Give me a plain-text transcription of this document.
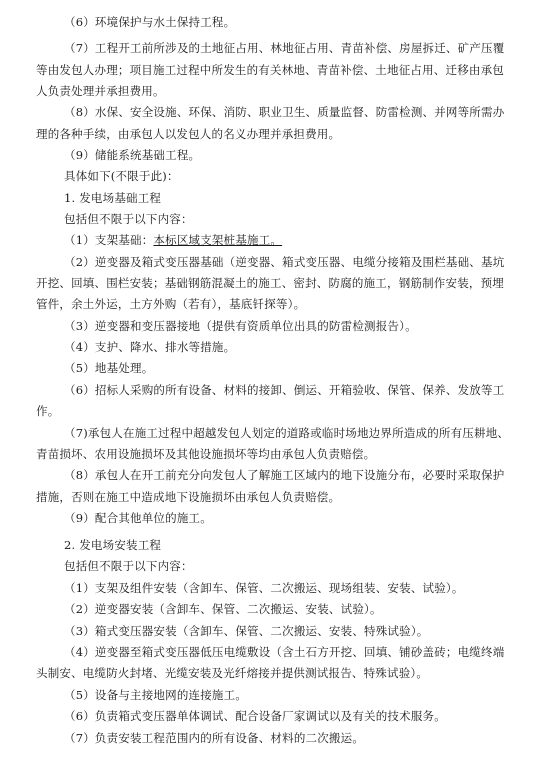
（6）环境保护与水土保持工程。
（7）工程开工前所涉及的土地征占用、林地征占用、青苗补偿、房屋拆迁、矿产压覆
等由发包人办理；项目施工过程中所发生的有关林地、青苗补偿、土地征占用、迁移由承包
人负责处理并承担费用。
（8）水保、安全设施、环保、消防、职业卫生、质量监督、防雷检测、并网等所需办
理的各种手续，由承包人以发包人的名义办理并承担费用。
（9）储能系统基础工程。
具体如下(不限于此)：
1. 发电场基础工程
包括但不限于以下内容：
（1）支架基础：本标区域支架桩基施工。
（2）逆变器及箱式变压器基础（逆变器、箱式变压器、电缆分接箱及围栏基础、基坑
开挖、回填、围栏安装；基础钢筋混凝土的施工、密封、防腐的施工，钢筋制作安装，预埋
管件，余土外运，土方外购（若有），基底钎探等）。
（3）逆变器和变压器接地（提供有资质单位出具的防雷检测报告）。
（4）支护、降水、排水等措施。
（5）地基处理。
（6）招标人采购的所有设备、材料的接卸、倒运、开箱验收、保管、保养、发放等工
作。
（7)承包人在施工过程中超越发包人划定的道路或临时场地边界所造成的所有压耕地、
青苗损坏、农用设施损坏及其他设施损坏等均由承包人负责赔偿。
（8）承包人在开工前充分向发包人了解施工区域内的地下设施分布，必要时采取保护
措施，否则在施工中造成地下设施损坏由承包人负责赔偿。
（9）配合其他单位的施工。
2. 发电场安装工程
包括但不限于以下内容：
（1）支架及组件安装（含卸车、保管、二次搬运、现场组装、安装、试验）。
（2）逆变器安装（含卸车、保管、二次搬运、安装、试验）。
（3）箱式变压器安装（含卸车、保管、二次搬运、安装、特殊试验）。
（4）逆变器至箱式变压器低压电缆敷设（含土石方开挖、回填、铺砂盖砖；电缆终端
头制安、电缆防火封堵、光缆安装及光纤熔接并提供测试报告、特殊试验）。
（5）设备与主接地网的连接施工。
（6）负责箱式变压器单体调试、配合设备厂家调试以及有关的技术服务。
（7）负责安装工程范围内的所有设备、材料的二次搬运。
